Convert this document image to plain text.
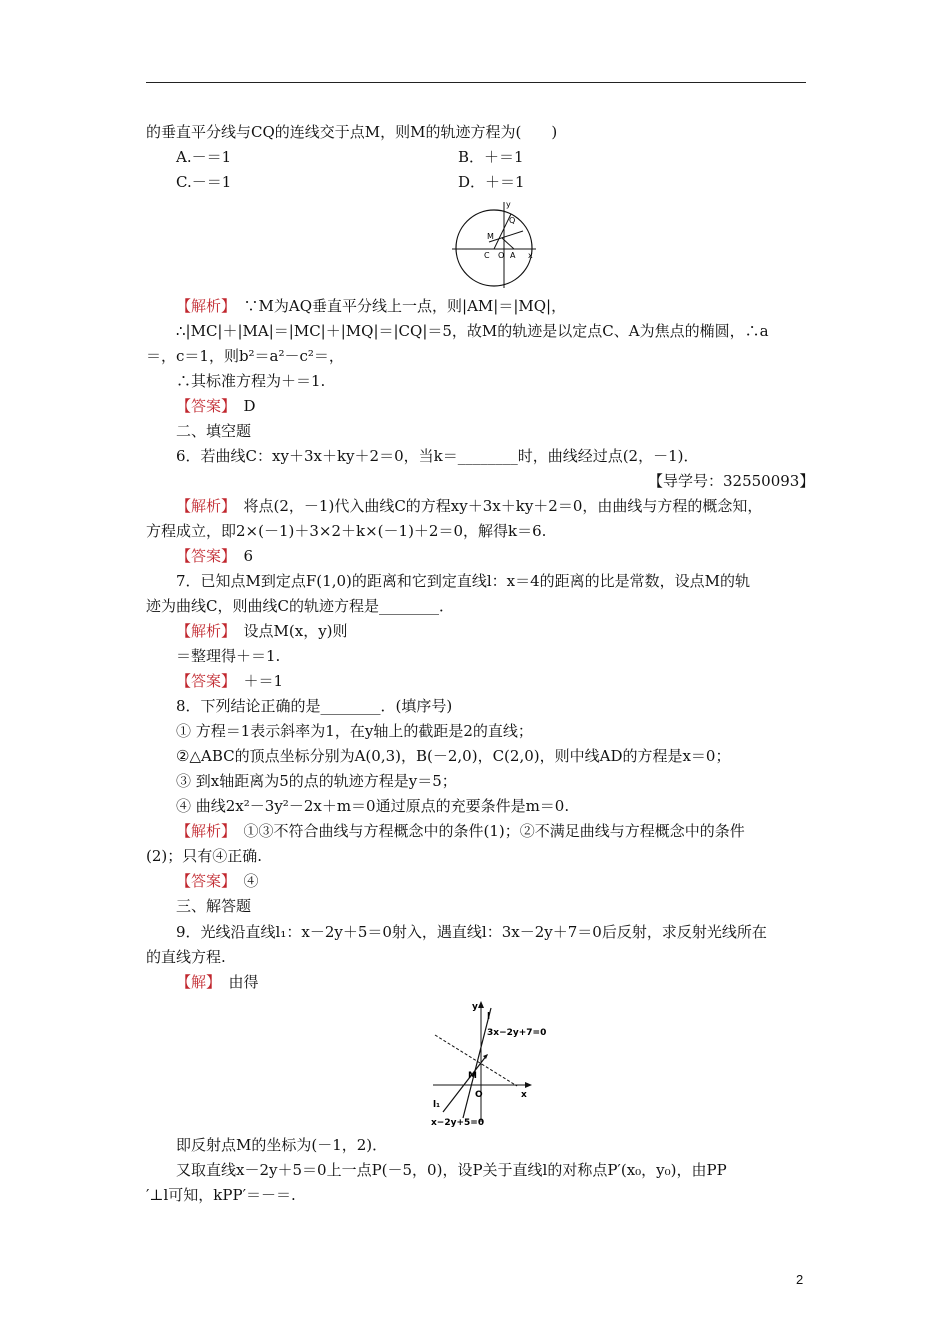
的垂直平分线与CQ的连线交于点M，则M的轨迹方程为(　　)
A.－＝1	B．＋＝1
C.－＝1	D．＋＝1
y
Q
M
C O A x
【解析】　 ∵M为AQ垂直平分线上一点，则|AM|＝|MQ|，
∴|MC|＋|MA|＝|MC|＋|MQ|＝|CQ|＝5，故M的轨迹是以定点C、A为焦点的椭圆，∴a
＝，c＝1，则b²＝a²－c²＝，
∴其标准方程为＋＝1.
【答案】　 D
二、填空题
6．若曲线C：xy＋3x＋ky＋2＝0，当k＝________时，曲线经过点(2，－1)．
【导学号：32550093】
【解析】　 将点(2，－1)代入曲线C的方程xy＋3x＋ky＋2＝0，由曲线与方程的概念知，
方程成立，即2×(－1)＋3×2＋k×(－1)＋2＝0，解得k＝6.
【答案】　 6
7．已知点M到定点F(1,0)的距离和它到定直线l：x＝4的距离的比是常数，设点M的轨
迹为曲线C，则曲线C的轨迹方程是________．
【解析】　 设点M(x，y)则
＝整理得＋＝1.
【答案】　 ＋＝1
8．下列结论正确的是________．(填序号)
① 方程＝1表示斜率为1，在y轴上的截距是2的直线；
②△ABC的顶点坐标分别为A(0,3)，B(－2,0)，C(2,0)，则中线AD的方程是x＝0；
③ 到x轴距离为5的点的轨迹方程是y＝5；
④ 曲线2x²－3y²－2x＋m＝0通过原点的充要条件是m＝0.
【解析】　 ①③不符合曲线与方程概念中的条件(1)；②不满足曲线与方程概念中的条件
(2)；只有④正确.
【答案】　 ④
三、解答题
9．光线沿直线l₁：x－2y＋5＝0射入，遇直线l：3x－2y＋7＝0后反射，求反射光线所在
的直线方程.
【解】　 由得
y
l
3x−2y+7=0
M
O	x
l₁
x−2y+5=0
即反射点M的坐标为(－1，2)．
又取直线x－2y＋5＝0上一点P(－5，0)，设P关于直线l的对称点P′(x₀，y₀)，由PP
′⊥l可知，kPP′＝－＝.
2
